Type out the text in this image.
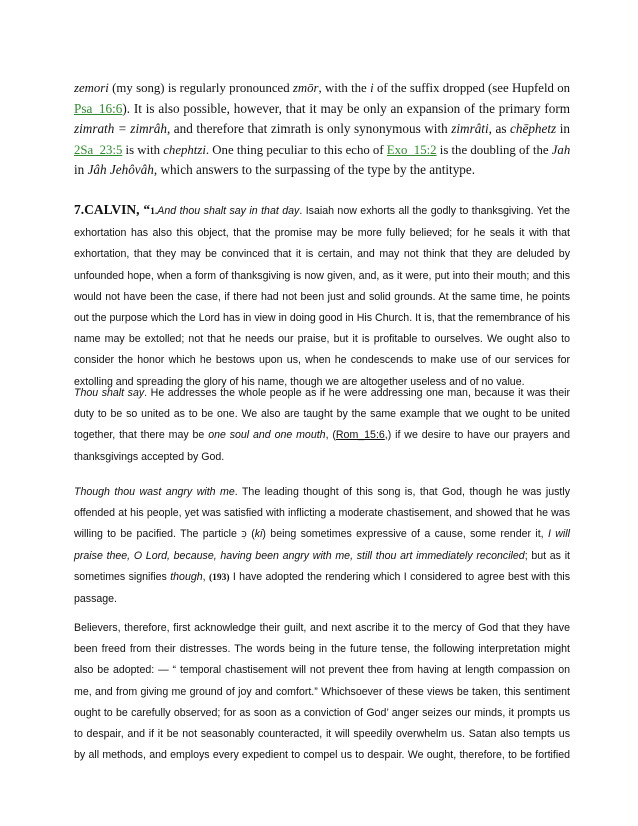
zemori (my song) is regularly pronounced zmōr, with the i of the suffix dropped (see Hupfeld on
Psa_16:6). It is also possible, however, that it may be only an expansion of the primary form
zimrath = zimrâh, and therefore that zimrath is only synonymous with zimrâti, as chēphetz in
2Sa_23:5 is with chephtzi. One thing peculiar to this echo of Exo_15:2 is the doubling of the Jah
in Jâh Jehôvâh, which answers to the surpassing of the type by the antitype.
7.CALVIN, “1.And thou shalt say in that day. Isaiah now exhorts all the godly to thanksgiving. Yet the
exhortation has also this object, that the promise may be more fully believed; for he seals it with that
exhortation, that they may be convinced that it is certain, and may not think that they are deluded by
unfounded hope, when a form of thanksgiving is now given, and, as it were, put into their mouth; and this
would not have been the case, if there had not been just and solid grounds. At the same time, he points
out the purpose which the Lord has in view in doing good in His Church. It is, that the remembrance of his
name may be extolled; not that he needs our praise, but it is profitable to ourselves. We ought also to
consider the honor which he bestows upon us, when he condescends to make use of our services for
extolling and spreading the glory of his name, though we are altogether useless and of no value.
Thou shalt say. He addresses the whole people as if he were addressing one man, because it was their
duty to be so united as to be one. We also are taught by the same example that we ought to be united
together, that there may be one soul and one mouth, (Rom_15:6,) if we desire to have our prayers and
thanksgivings accepted by God.
Though thou wast angry with me. The leading thought of this song is, that God, though he was justly
offended at his people, yet was satisfied with inflicting a moderate chastisement, and showed that he was
willing to be pacified. The particle כִּ (ki) being sometimes expressive of a cause, some render it, I will
praise thee, O Lord, because, having been angry with me, still thou art immediately reconciled; but as it
sometimes signifies though, (193) I have adopted the rendering which I considered to agree best with this
passage.
Believers, therefore, first acknowledge their guilt, and next ascribe it to the mercy of God that they have
been freed from their distresses. The words being in the future tense, the following interpretation might
also be adopted: — “ temporal chastisement will not prevent thee from having at length compassion on
me, and from giving me ground of joy and comfort.” Whichsoever of these views be taken, this sentiment
ought to be carefully observed; for as soon as a conviction of God’ anger seizes our minds, it prompts us
to despair, and if it be not seasonably counteracted, it will speedily overwhelm us. Satan also tempts us
by all methods, and employs every expedient to compel us to despair. We ought, therefore, to be fortified
